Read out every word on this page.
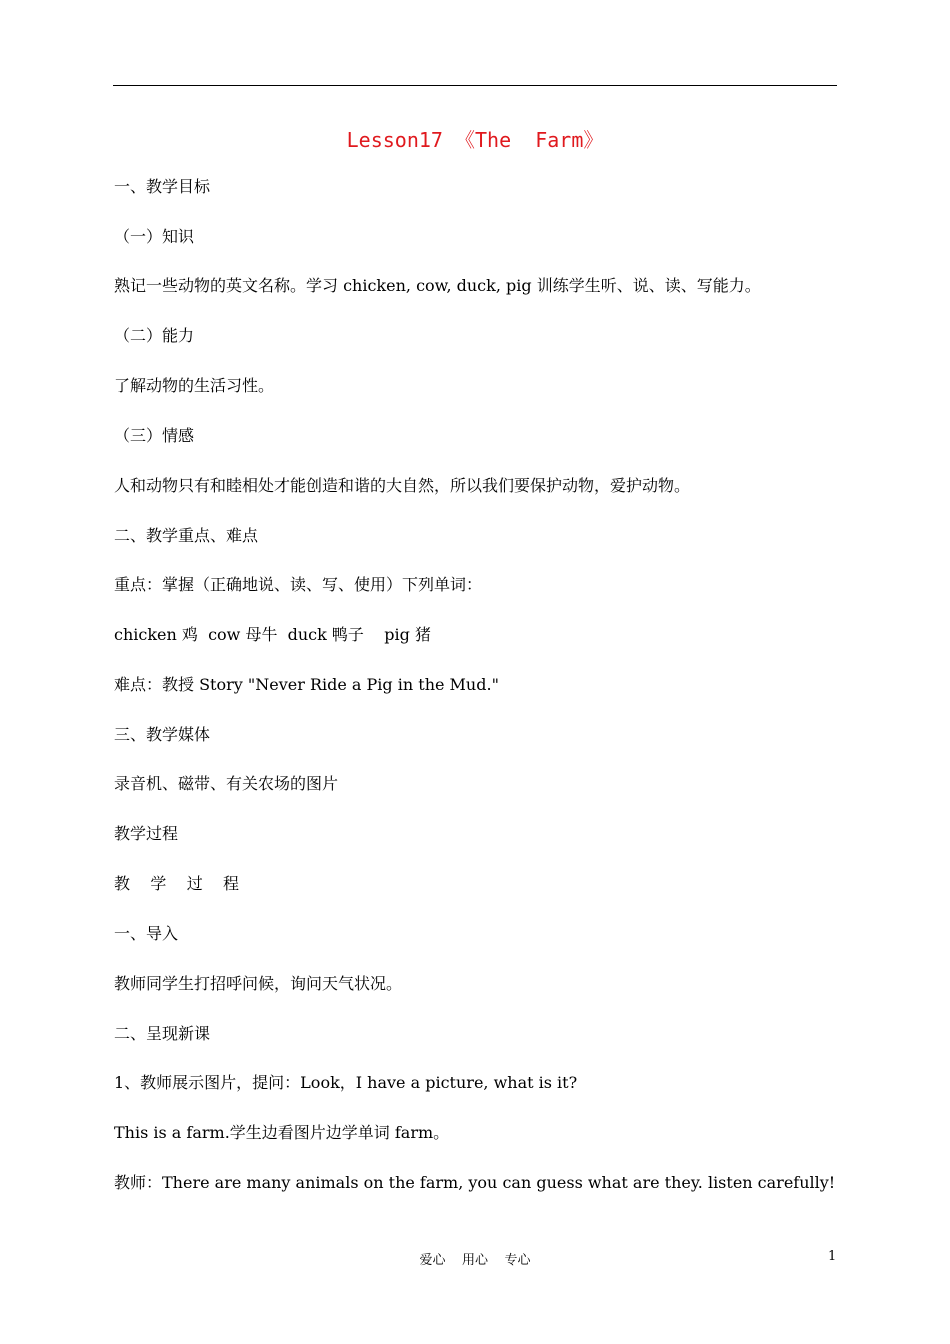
Lesson17 《The  Farm》
一、教学目标
（一）知识
熟记一些动物的英文名称。学习 chicken, cow, duck, pig 训练学生听、说、读、写能力。
（二）能力
了解动物的生活习性。
（三）情感
人和动物只有和睦相处才能创造和谐的大自然，所以我们要保护动物，爱护动物。
二、教学重点、难点
重点：掌握（正确地说、读、写、使用）下列单词：
chicken 鸡  cow 母牛  duck 鸭子    pig 猪
难点：教授 Story "Never Ride a Pig in the Mud."
三、教学媒体
录音机、磁带、有关农场的图片
教学过程
教    学    过    程
一、导入
教师同学生打招呼问候，询问天气状况。
二、呈现新课
1、教师展示图片，提问：Look，I have a picture, what is it?
This is a farm.学生边看图片边学单词 farm。
教师：There are many animals on the farm, you can guess what are they. listen carefully!
爱心    用心    专心	1
